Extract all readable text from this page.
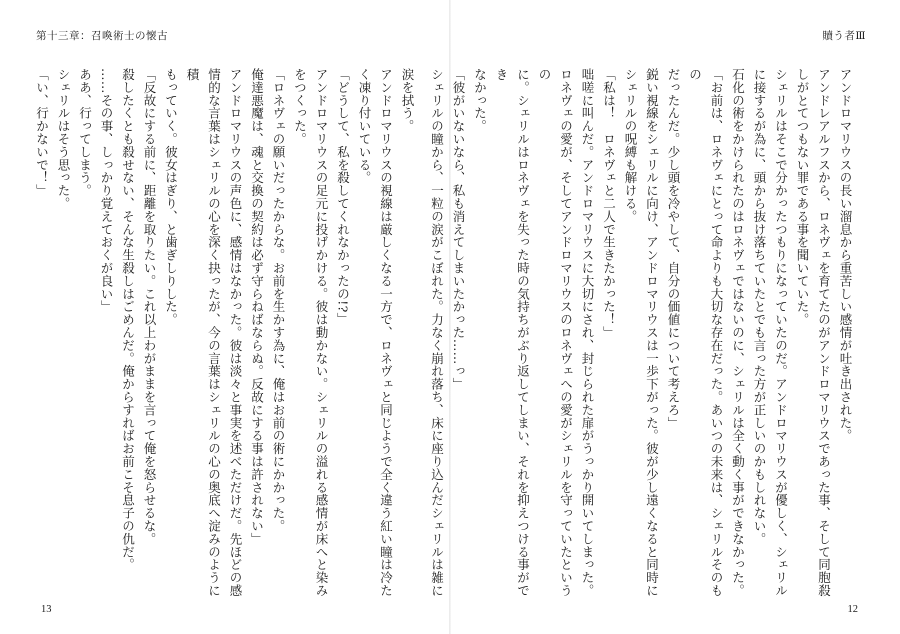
第十三章：召喚術士の懐古	贖う者Ⅲ

アンドロマリウスの長い溜息から重苦しい感情が吐き出された。

アンドレアルフスから、ロネヴェを育てたのがアンドロマリウスであった事、そして同胞殺

しがとてつもない罪である事を聞いていた。

シェリルはそこで分かったつもりになっていたのだ。アンドロマリウスが優しく、シェリル

に接するが為に、頭から抜け落ちていたとでも言った方が正しいのかもしれない。

石化の術をかけられたのはロネヴェではないのに、シェリルは全く動く事ができなかった。

「お前は、ロネヴェにとって命よりも大切な存在だった。あいつの未来は、シェリルそのもの

だったんだ。少し頭を冷やして、自分の価値について考えろ」

鋭い視線をシェリルに向け、アンドロマリウスは一歩下がった。彼が少し遠くなると同時に

シェリルの呪縛も解ける。

「私は！　ロネヴェと二人で生きたかった！」

咄嗟に叫んだ。アンドロマリウスに大切にされ、封じられた扉がうっかり開いてしまった。

ロネヴェの愛が、そしてアンドロマリウスのロネヴェへの愛がシェリルを守っていたというの

に。シェリルはロネヴェを失った時の気持ちがぶり返してしまい、それを抑えつける事ができ

なかった。

「彼がいないなら、私も消えてしまいたかった……っ」

シェリルの瞳から、一粒の涙がこぼれた。力なく崩れ落ち、床に座り込んだシェリルは雑に

涙を拭う。

アンドロマリウスの視線は厳しくなる一方で、ロネヴェと同じようで全く違う紅い瞳は冷た

く凍り付いている。

「どうして、私を殺してくれなかったの!?」

アンドロマリウスの足元に投げかける。彼は動かない。シェリルの溢れる感情が床へと染み

をつくった。

「ロネヴェの願いだったからな。お前を生かす為に、俺はお前の術にかかった。

俺達悪魔は、魂と交換の契約は必ず守らねばならぬ。反故にする事は許されない」

アンドロマリウスの声色に、感情はなかった。彼は淡々と事実を述べただけだ。先ほどの感

情的な言葉はシェリルの心を深く抉ったが、今の言葉はシェリルの心の奥底へ淀みのように積

もっていく。彼女はぎり、と歯ぎしりした。

「反故にする前に、距離を取りたい。これ以上わがままを言って俺を怒らせるな。

殺したくとも殺せない、そんな生殺しはごめんだ。俺からすればお前こそ息子の仇だ。

……その事、しっかり覚えておくが良い」

ああ、行ってしまう。

シェリルはそう思った。

「い、行かないで！」

13	12
